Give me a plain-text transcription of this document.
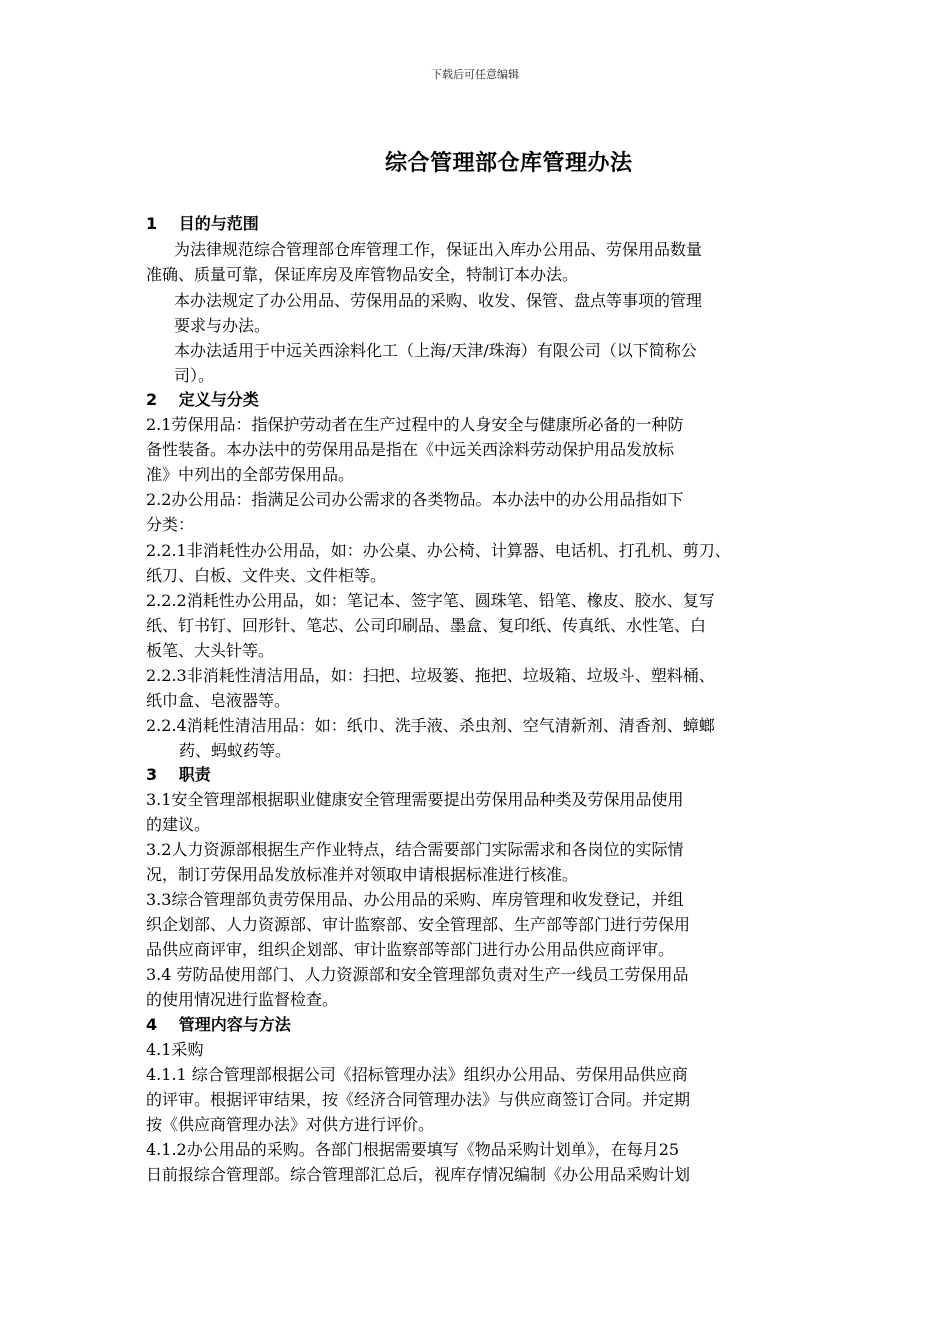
下载后可任意编辑
综合管理部仓库管理办法
1　 目的与范围
为法律规范综合管理部仓库管理工作，保证出入库办公用品、劳保用品数量
准确、质量可靠，保证库房及库管物品安全，特制订本办法。
本办法规定了办公用品、劳保用品的采购、收发、保管、盘点等事项的管理
要求与办法。
本办法适用于中远关西涂料化工（上海/天津/珠海）有限公司（以下简称公
司）。
2　 定义与分类
2.1劳保用品：指保护劳动者在生产过程中的人身安全与健康所必备的一种防
备性装备。本办法中的劳保用品是指在《中远关西涂料劳动保护用品发放标
准》中列出的全部劳保用品。
2.2办公用品：指满足公司办公需求的各类物品。本办法中的办公用品指如下
分类：
2.2.1非消耗性办公用品，如：办公桌、办公椅、计算器、电话机、打孔机、剪刀、
纸刀、白板、文件夹、文件柜等。
2.2.2消耗性办公用品，如：笔记本、签字笔、圆珠笔、铅笔、橡皮、胶水、复写
纸、钉书钉、回形针、笔芯、公司印刷品、墨盒、复印纸、传真纸、水性笔、白
板笔、大头针等。
2.2.3非消耗性清洁用品，如：扫把、垃圾篓、拖把、垃圾箱、垃圾斗、塑料桶、
纸巾盒、皂液器等。
2.2.4消耗性清洁用品：如：纸巾、洗手液、杀虫剂、空气清新剂、清香剂、蟑螂
药、蚂蚁药等。
3　 职责
3.1安全管理部根据职业健康安全管理需要提出劳保用品种类及劳保用品使用
的建议。
3.2人力资源部根据生产作业特点，结合需要部门实际需求和各岗位的实际情
况，制订劳保用品发放标准并对领取申请根据标准进行核准。
3.3综合管理部负责劳保用品、办公用品的采购、库房管理和收发登记，并组
织企划部、人力资源部、审计监察部、安全管理部、生产部等部门进行劳保用
品供应商评审，组织企划部、审计监察部等部门进行办公用品供应商评审。
3.4 劳防品使用部门、人力资源部和安全管理部负责对生产一线员工劳保用品
的使用情况进行监督检查。
4　 管理内容与方法
4.1采购
4.1.1 综合管理部根据公司《招标管理办法》组织办公用品、劳保用品供应商
的评审。根据评审结果，按《经济合同管理办法》与供应商签订合同。并定期
按《供应商管理办法》对供方进行评价。
4.1.2办公用品的采购。各部门根据需要填写《物品采购计划单》，在每月25
日前报综合管理部。综合管理部汇总后，视库存情况编制《办公用品采购计划
